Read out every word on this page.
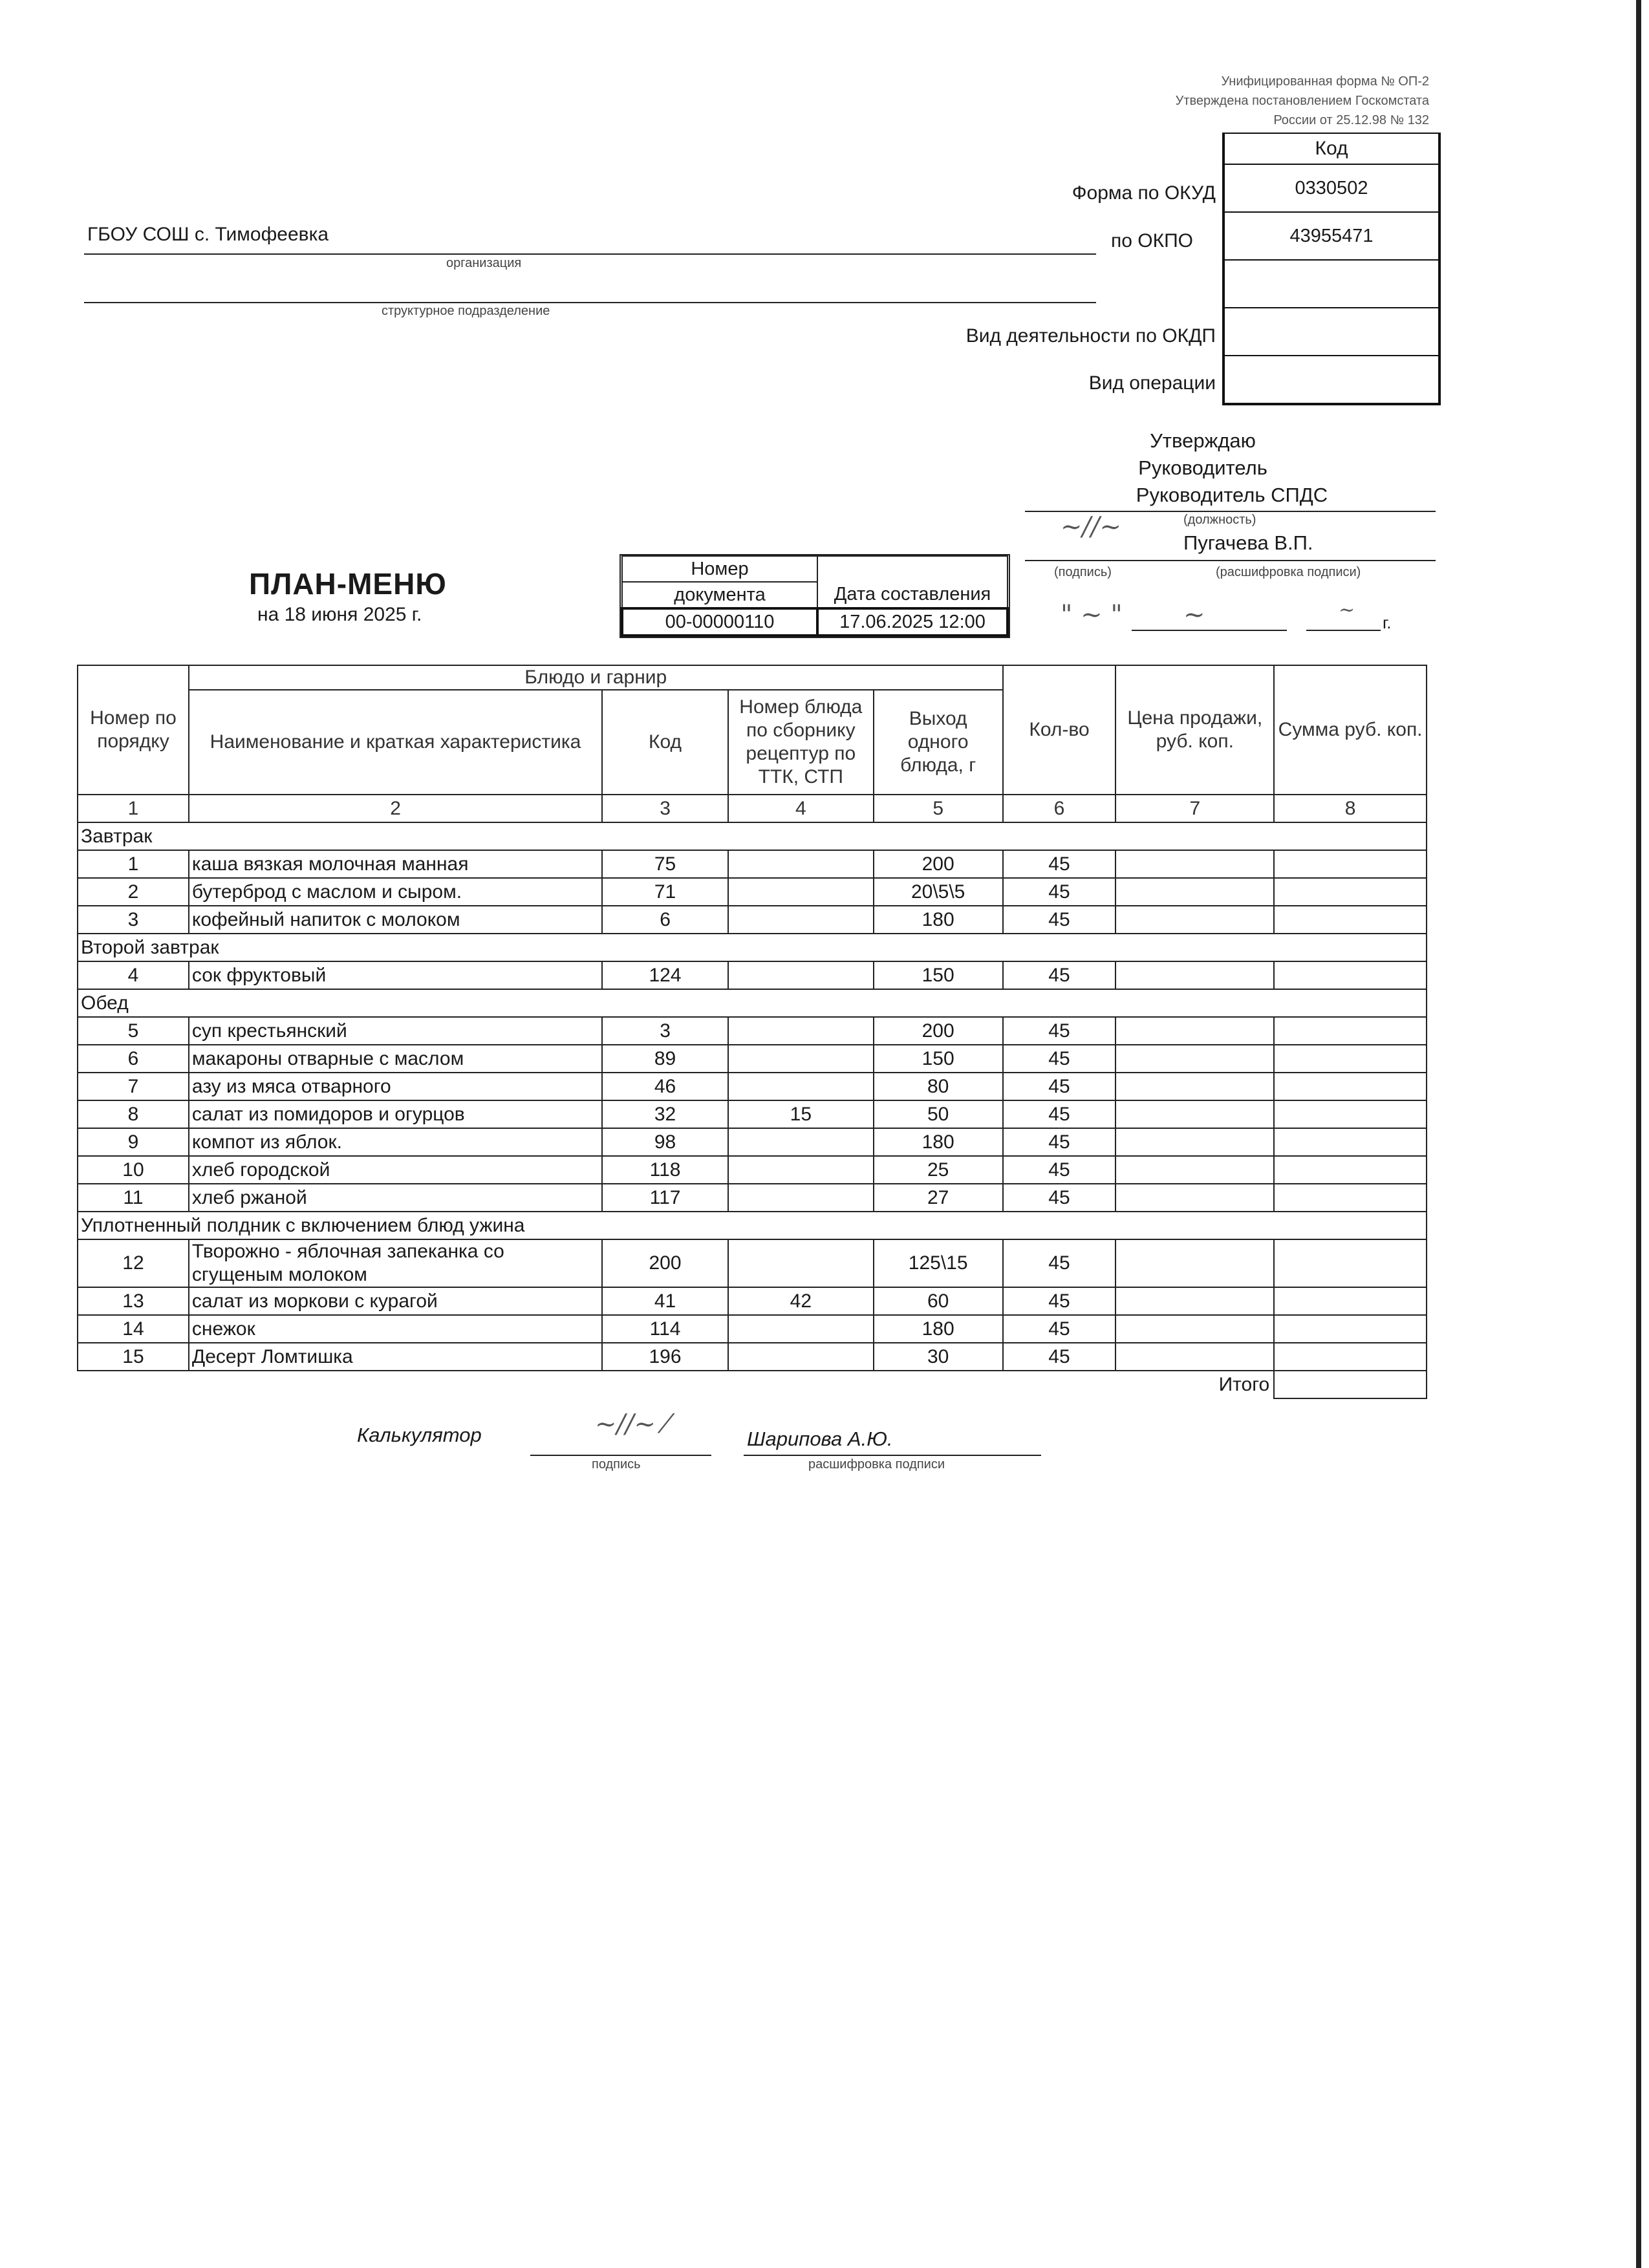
Унифицированная форма № ОП-2
Утверждена постановлением Госкомстата
России от 25.12.98 № 132
Код
0330502
43955471
Форма по ОКУД
по ОКПО
Вид деятельности по ОКДП
Вид операции
ГБОУ СОШ с. Тимофеевка
организация
структурное подразделение
Утверждаю
Руководитель
Руководитель СПДС
(должность)
~//~
Пугачева В.П.
(подпись)	(расшифровка подписи)
" ~ " ~	~
г.
ПЛАН-МЕНЮ
на 18 июня 2025 г.
Номер	Дата составления
документа	
00-00000110	17.06.2025 12:00
Номер по порядку	Блюдо и гарнир				Кол-во	Цена продажи, руб. коп.	Сумма руб. коп.
	Наименование и краткая характеристика	Код	Номер блюда по сборнику рецептур по ТТК, СТП	Выход одного блюда, г			
1	2	3	4	5	6	7	8
Завтрак							
1	каша вязкая молочная манная	75		200	45		
2	бутерброд с маслом и сыром.	71		20\5\5	45		
3	кофейный напиток с молоком	6		180	45		
Второй завтрак							
4	сок фруктовый	124		150	45		
Обед							
5	суп крестьянский	3		200	45		
6	макароны отварные с маслом	89		150	45		
7	азу из мяса отварного	46		80	45		
8	салат из помидоров и огурцов	32	15	50	45		
9	компот из яблок.	98		180	45		
10	хлеб городской	118		25	45		
11	хлеб ржаной	117		27	45		
Уплотненный полдник с включением блюд ужина							
12	Творожно - яблочная запеканка со сгущеным молоком	200		125\15	45		
13	салат из моркови с курагой	41	42	60	45		
14	снежок	114		180	45		
15	Десерт Ломтишка	196		30	45		
Итого							
Калькулятор	~//~ ⁄
подпись
Шарипова А.Ю.
расшифровка подписи
